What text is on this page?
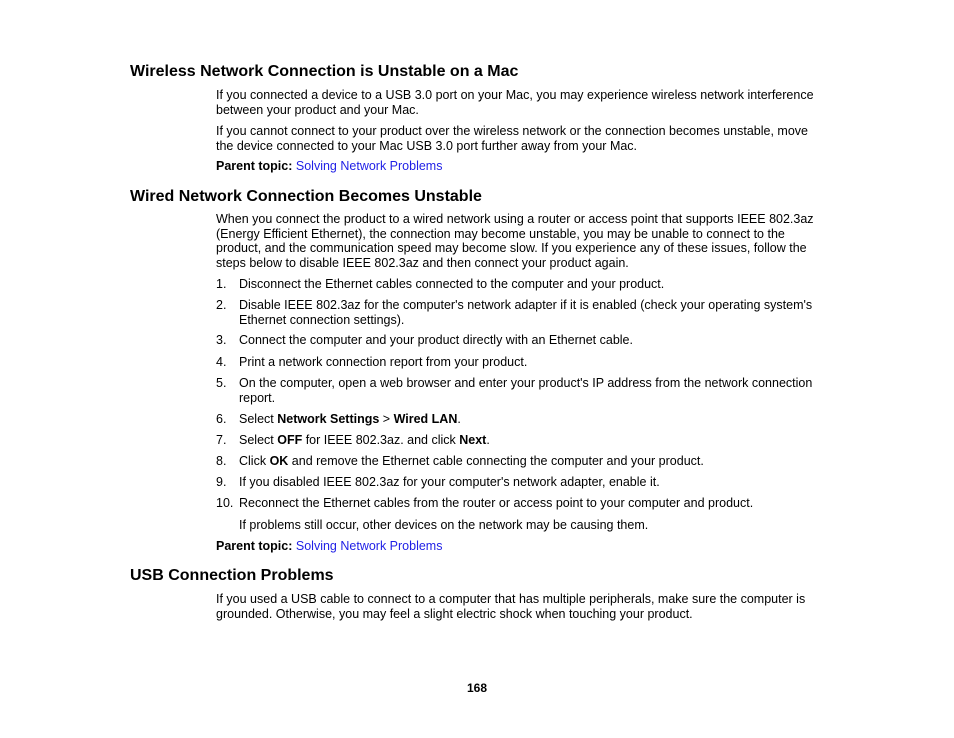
Wireless Network Connection is Unstable on a Mac

If you connected a device to a USB 3.0 port on your Mac, you may experience wireless network interference between your product and your Mac.

If you cannot connect to your product over the wireless network or the connection becomes unstable, move the device connected to your Mac USB 3.0 port further away from your Mac.

Parent topic: Solving Network Problems

Wired Network Connection Becomes Unstable

When you connect the product to a wired network using a router or access point that supports IEEE 802.3az (Energy Efficient Ethernet), the connection may become unstable, you may be unable to connect to the product, and the communication speed may become slow. If you experience any of these issues, follow the steps below to disable IEEE 802.3az and then connect your product again.

1.	Disconnect the Ethernet cables connected to the computer and your product.
2.	Disable IEEE 802.3az for the computer's network adapter if it is enabled (check your operating system's Ethernet connection settings).
3.	Connect the computer and your product directly with an Ethernet cable.
4.	Print a network connection report from your product.
5.	On the computer, open a web browser and enter your product's IP address from the network connection report.
6.	Select Network Settings > Wired LAN.
7.	Select OFF for IEEE 802.3az. and click Next.
8.	Click OK and remove the Ethernet cable connecting the computer and your product.
9.	If you disabled IEEE 802.3az for your computer's network adapter, enable it.
10. Reconnect the Ethernet cables from the router or access point to your computer and product.

If problems still occur, other devices on the network may be causing them.

Parent topic: Solving Network Problems

USB Connection Problems

If you used a USB cable to connect to a computer that has multiple peripherals, make sure the computer is grounded. Otherwise, you may feel a slight electric shock when touching your product.

168
